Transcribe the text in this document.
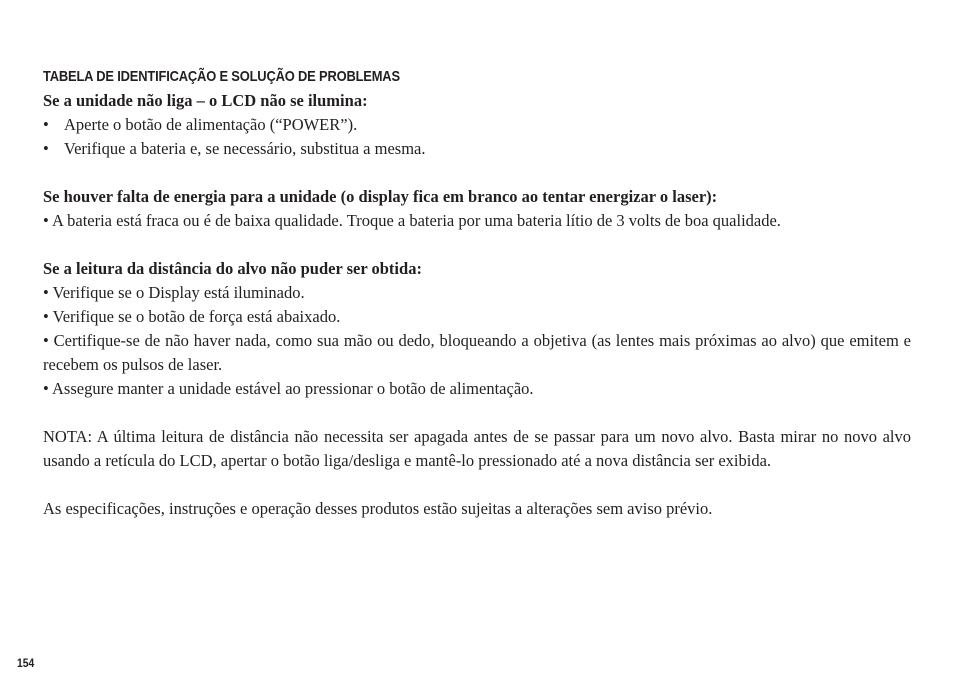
TABELA DE IDENTIFICAÇÃO E SOLUÇÃO DE PROBLEMAS

Se a unidade não liga – o LCD não se ilumina:

• Aperte o botão de alimentação (“POWER”).
• Verifique a bateria e, se necessário, substitua a mesma.

Se houver falta de energia para a unidade (o display fica em branco ao tentar energizar o laser):

• A bateria está fraca ou é de baixa qualidade. Troque a bateria por uma bateria lítio de 3 volts de boa qualidade.

Se a leitura da distância do alvo não puder ser obtida:

• Verifique se o Display está iluminado.
• Verifique se o botão de força está abaixado.
• Certifique-se de não haver nada, como sua mão ou dedo, bloqueando a objetiva (as lentes mais próximas ao alvo) que emitem e recebem os pulsos de laser.
• Assegure manter a unidade estável ao pressionar o botão de alimentação.

NOTA: A última leitura de distância não necessita ser apagada antes de se passar para um novo alvo. Basta mirar no novo alvo usando a retícula do LCD, apertar o botão liga/desliga e mantê-lo pressionado até a nova distância ser exibida.

As especificações, instruções e operação desses produtos estão sujeitas a alterações sem aviso prévio.

154
